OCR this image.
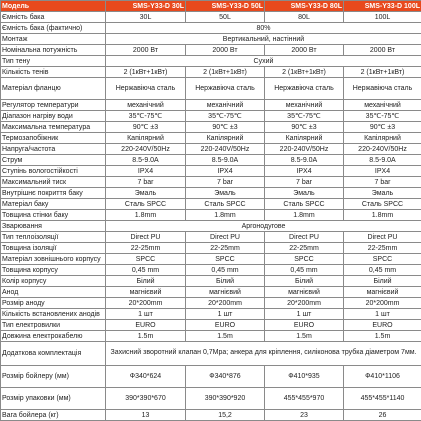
Модель	SMS-Y33-D 30L	SMS-Y33-D 50L	SMS-Y33-D 80L	SMS-Y33-D 100L
Ємність бака	30L	50L	80L	100L
Ємність бака (фактично)	80%			
Монтаж	Вертикальний, настінний			
Номінальна потужність	2000 Вт	2000 Вт	2000 Вт	2000 Вт
Тип тену	Сухий			
Кількість тенів	2 (1кВт+1кВт)	2 (1кВт+1кВт)	2 (1кВт+1кВт)	2 (1кВт+1кВт)
Матеріал фланцю	Нержавіюча сталь	Нержавіюча сталь	Нержавіюча сталь	Нержавіюча сталь
Регулятор температури	механічний	механічний	механічний	механічний
Діапазон нагріву води	35℃-75℃	35℃-75℃	35℃-75℃	35℃-75℃
Максимальна температура	90℃ ±3	90℃ ±3	90℃ ±3	90℃ ±3
Термозапобіжник	Капілярний	Капілярний	Капілярний	Капілярний
Напруга/частота	220-240V/50Hz	220-240V/50Hz	220-240V/50Hz	220-240V/50Hz
Струм	8.5-9.0A	8.5-9.0A	8.5-9.0A	8.5-9.0A
Ступінь вологостійкості	IPX4	IPX4	IPX4	IPX4
Максимальний тиск	7 bar	7 bar	7 bar	7 bar
Внутрішнє покриття баку	Эмаль	Эмаль	Эмаль	Эмаль
Матеріал баку	Сталь SPCC	Сталь SPCC	Сталь SPCC	Сталь SPCC
Товщина стінки баку	1.8mm	1.8mm	1.8mm	1.8mm
Зварювання	Аргонодугове			
Тип теплоізоляції	Direct PU	Direct PU	Direct PU	Direct PU
Товщина ізоляції	22-25mm	22-25mm	22-25mm	22-25mm
Матеріал зовнішнього корпусу	SPCC	SPCC	SPCC	SPCC
Товщина корпусу	0,45 mm	0,45 mm	0,45 mm	0,45 mm
Колір корпусу	Білий	Білий	Білий	Білий
Анод	магнієвий	магнієвий	магнієвий	магнієвий
Розмір аноду	20*200mm	20*200mm	20*200mm	20*200mm
Кількість встановлених анодів	1 шт	1 шт	1 шт	1 шт
Тип електровилки	EURO	EURO	EURO	EURO
Довжина електрокабелю	1.5m	1.5m	1.5m	1.5m
Додаткова комплектація	Захисний зворотний клапан 0,7Мра; анкера для кріплення, силіконова трубка діаметром 7мм.			
Розмір бойлеру (мм)	Ф340*624	Ф340*876	Ф410*935	Ф410*1106
Розмір упаковки (мм)	390*390*670	390*390*920	455*455*970	455*455*1140
Вага бойлера (кг)	13	15,2	23	26
